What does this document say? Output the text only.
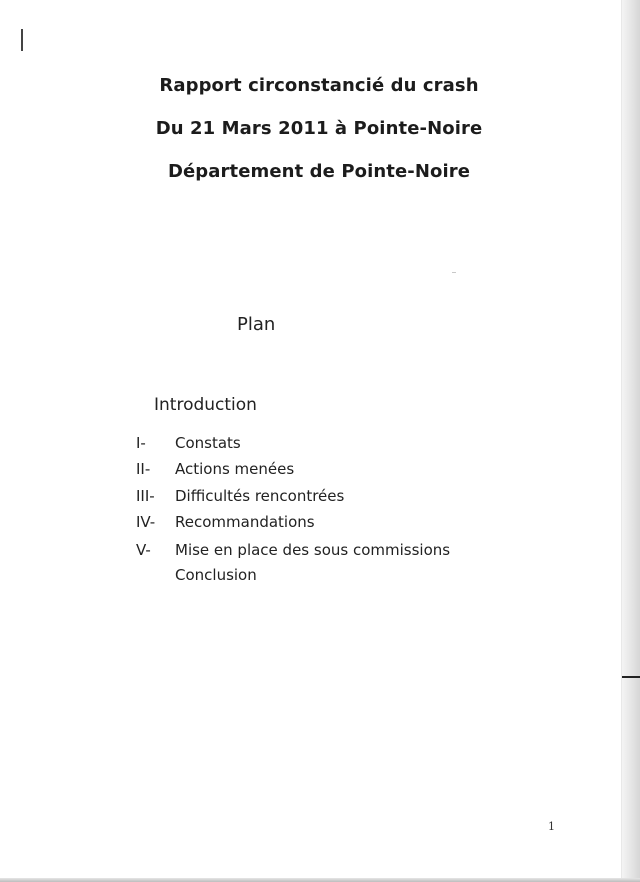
Rapport circonstancié du crash
Du 21 Mars 2011 à Pointe-Noire
Département de Pointe-Noire
Plan
Introduction
I-	Constats
II-	Actions menées
III-	Difficultés rencontrées
IV-	Recommandations
V-	Mise en place des sous commissions
Conclusion
1
